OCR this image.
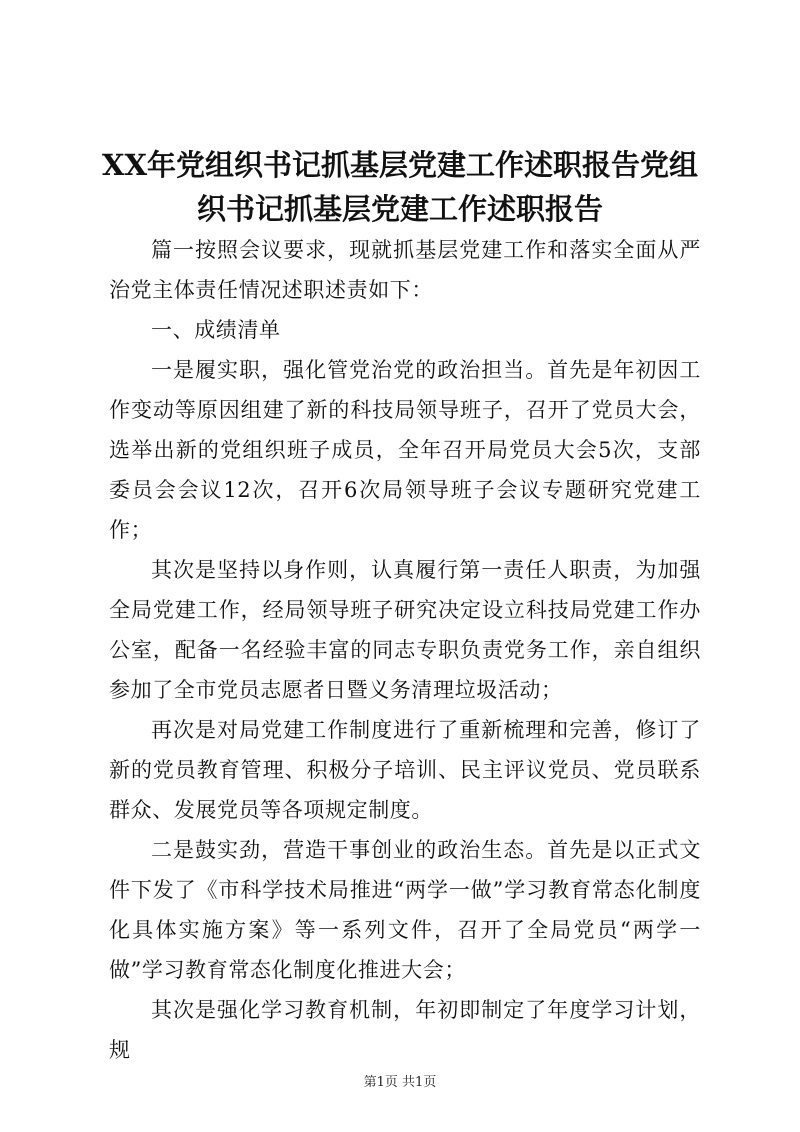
XX年党组织书记抓基层党建工作述职报告党组织书记抓基层党建工作述职报告

篇一按照会议要求，现就抓基层党建工作和落实全面从严治党主体责任情况述职述责如下：

一、成绩清单

一是履实职，强化管党治党的政治担当。首先是年初因工作变动等原因组建了新的科技局领导班子，召开了党员大会，选举出新的党组织班子成员，全年召开局党员大会5次，支部委员会会议12次，召开6次局领导班子会议专题研究党建工作；

其次是坚持以身作则，认真履行第一责任人职责，为加强全局党建工作，经局领导班子研究决定设立科技局党建工作办公室，配备一名经验丰富的同志专职负责党务工作，亲自组织参加了全市党员志愿者日暨义务清理垃圾活动；

再次是对局党建工作制度进行了重新梳理和完善，修订了新的党员教育管理、积极分子培训、民主评议党员、党员联系群众、发展党员等各项规定制度。

二是鼓实劲，营造干事创业的政治生态。首先是以正式文件下发了《市科学技术局推进“两学一做”学习教育常态化制度化具体实施方案》等一系列文件，召开了全局党员“两学一做”学习教育常态化制度化推进大会；

其次是强化学习教育机制，年初即制定了年度学习计划，规

第1页 共1页
